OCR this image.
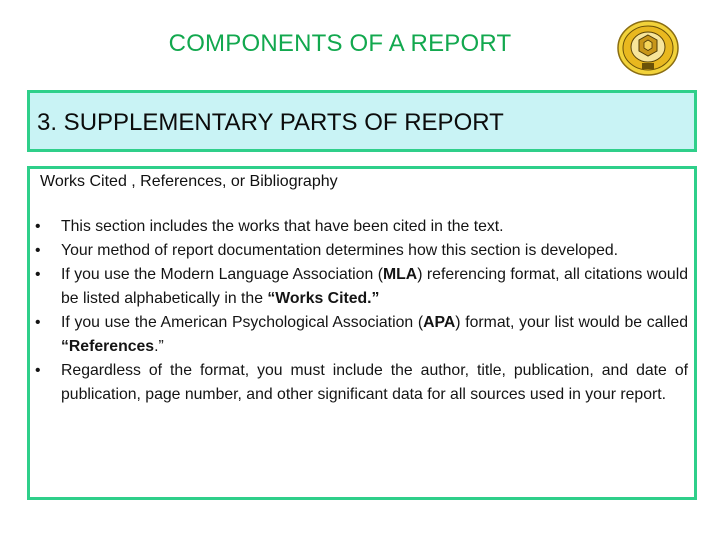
COMPONENTS OF A REPORT
3. SUPPLEMENTARY PARTS OF REPORT
Works Cited , References, or Bibliography
• This section includes the works that have been cited in the text.
• Your method of report documentation determines how this section is developed.
• If you use the Modern Language Association (MLA) referencing format, all citations would be listed alphabetically in the “Works Cited.”
• If you use the American Psychological Association (APA) format, your list would be called “References.”
• Regardless of the format, you must include the author, title, publication, and date of publication, page number, and other significant data for all sources used in your report.
